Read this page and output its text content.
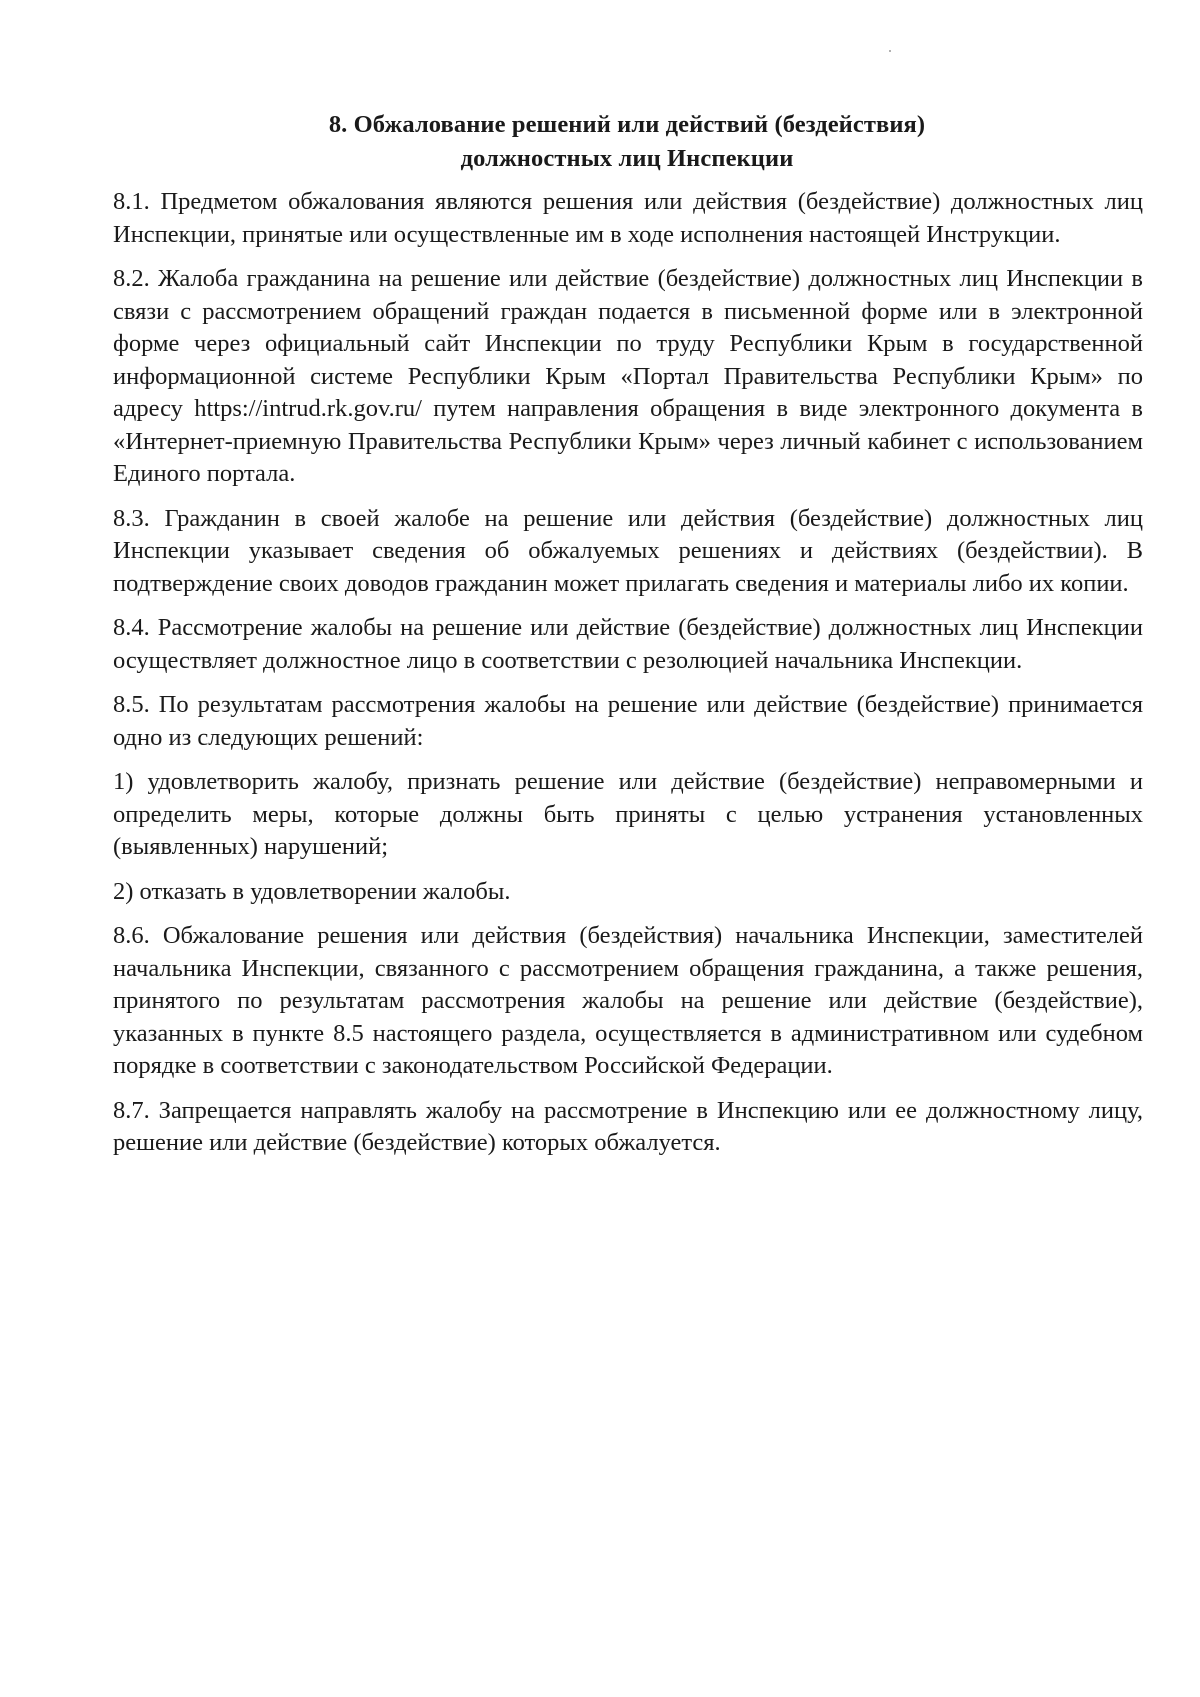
8. Обжалование решений или действий (бездействия)
должностных лиц Инспекции

8.1. Предметом обжалования являются решения или действия (бездействие) должностных лиц Инспекции, принятые или осуществленные им в ходе исполнения настоящей Инструкции.

8.2. Жалоба гражданина на решение или действие (бездействие) должностных лиц Инспекции в связи с рассмотрением обращений граждан подается в письменной форме или в электронной форме через официальный сайт Инспекции по труду Республики Крым в государственной информационной системе Республики Крым «Портал Правительства Республики Крым» по адресу https://intrud.rk.gov.ru/ путем направления обращения в виде электронного документа в «Интернет-приемную Правительства Республики Крым» через личный кабинет с использованием Единого портала.

8.3. Гражданин в своей жалобе на решение или действия (бездействие) должностных лиц Инспекции указывает сведения об обжалуемых решениях и действиях (бездействии). В подтверждение своих доводов гражданин может прилагать сведения и материалы либо их копии.

8.4. Рассмотрение жалобы на решение или действие (бездействие) должностных лиц Инспекции осуществляет должностное лицо в соответствии с резолюцией начальника Инспекции.

8.5. По результатам рассмотрения жалобы на решение или действие (бездействие) принимается одно из следующих решений:

1) удовлетворить жалобу, признать решение или действие (бездействие) неправомерными и определить меры, которые должны быть приняты с целью устранения установленных (выявленных) нарушений;

2) отказать в удовлетворении жалобы.

8.6. Обжалование решения или действия (бездействия) начальника Инспекции, заместителей начальника Инспекции, связанного с рассмотрением обращения гражданина, а также решения, принятого по результатам рассмотрения жалобы на решение или действие (бездействие), указанных в пункте 8.5 настоящего раздела, осуществляется в административном или судебном порядке в соответствии с законодательством Российской Федерации.

8.7. Запрещается направлять жалобу на рассмотрение в Инспекцию или ее должностному лицу, решение или действие (бездействие) которых обжалуется.
